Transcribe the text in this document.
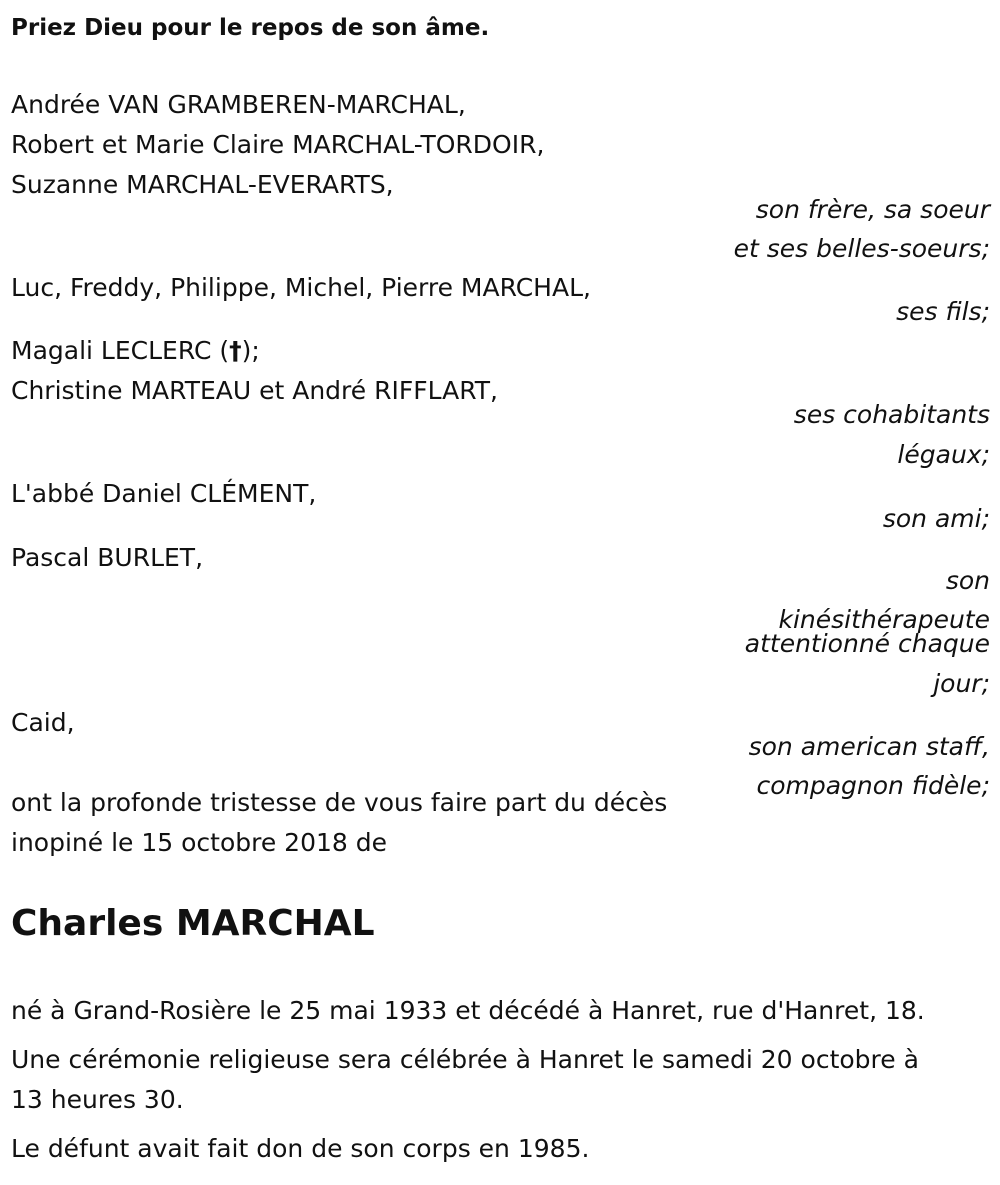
Priez Dieu pour le repos de son âme.
Andrée VAN GRAMBEREN-MARCHAL,
Robert et Marie Claire MARCHAL-TORDOIR,
Suzanne MARCHAL-EVERARTS,
son frère, sa soeur
et ses belles-soeurs;
Luc, Freddy, Philippe, Michel, Pierre MARCHAL,
ses fils;
Magali LECLERC (†);
Christine MARTEAU et André RIFFLART,
ses cohabitants
légaux;
L'abbé Daniel CLÉMENT,
son ami;
Pascal BURLET,
son
kinésithérapeute
attentionné chaque
jour;
Caid,
son american staff,
compagnon fidèle;
ont la profonde tristesse de vous faire part du décès
inopiné le 15 octobre 2018 de
Charles MARCHAL
né à Grand-Rosière le 25 mai 1933 et décédé à Hanret, rue d'Hanret, 18.
Une cérémonie religieuse sera célébrée à Hanret le samedi 20 octobre à
13 heures 30.
Le défunt avait fait don de son corps en 1985.
